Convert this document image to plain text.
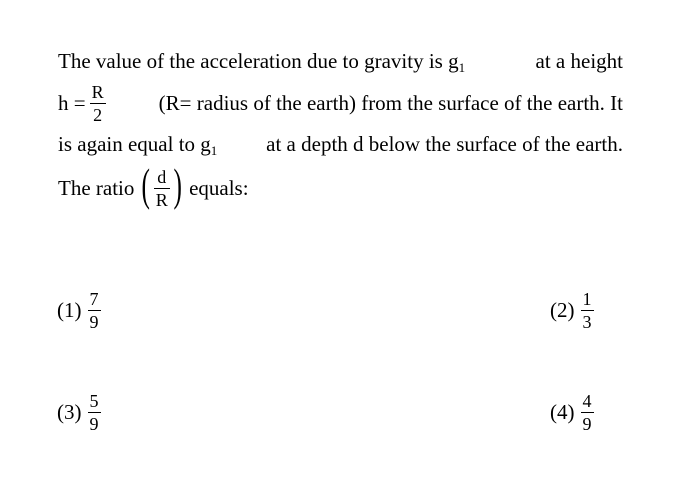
The value of the acceleration due to gravity is g1	at a height
$h = \frac{R}{2}$	(R= radius of the earth) from the surface of the earth. It
is again equal to g1 at a depth d below the surface of the earth.
The ratio ( $\frac{d}{R}$ ) equals:
$(1) \frac{7}{9}$	$(2) \frac{1}{3}$
$(3) \frac{5}{9}$	$(4) \frac{4}{9}$
